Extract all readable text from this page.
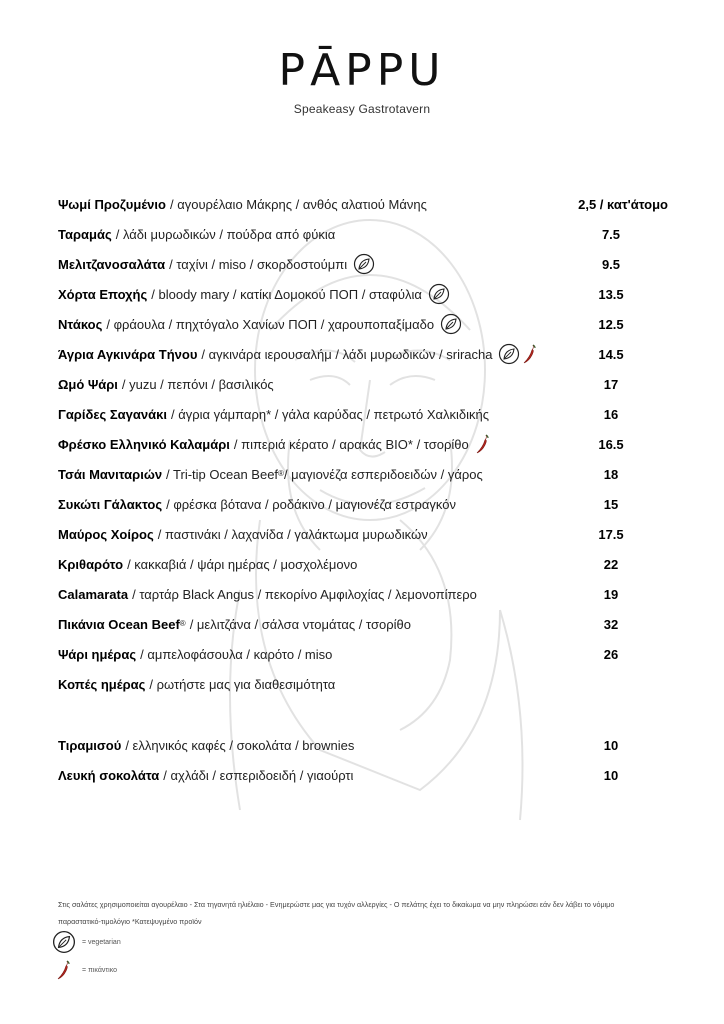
PĀPPU
Speakeasy Gastrotavern
Ψωμί Προζυμένιο / αγουρέλαιο Μάκρης / ανθός αλατιού Μάνης	2,5 / κατ'άτομο
Ταραμάς / λάδι μυρωδικών / πούδρα από φύκια	7.5
Μελιτζανοσαλάτα / ταχίνι / miso / σκορδοστούμπι	9.5
Χόρτα Εποχής / bloody mary / κατίκι Δομοκού ΠΟΠ / σταφύλια	13.5
Ντάκος / φράουλα / πηχτόγαλο Χανίων ΠΟΠ / χαρουποπαξίμαδο	12.5
Άγρια Αγκινάρα Τήνου / αγκινάρα ιερουσαλήμ / λάδι μυρωδικών / sriracha	14.5
Ωμό Ψάρι / yuzu / πεπόνι / βασιλικός	17
Γαρίδες Σαγανάκι / άγρια γάμπαρη* / γάλα καρύδας / πετρωτό Χαλκιδικής	16
Φρέσκο Ελληνικό Καλαμάρι / πιπεριά κέρατο / αρακάς BIO* / τσορίθο	16.5
Τσάι Μανιταριών / Tri-tip Ocean Beef ® / μαγιονέζα εσπεριδοειδών / γάρος	18
Συκώτι Γάλακτος / φρέσκα βότανα / ροδάκινο / μαγιονέζα εστραγκόν	15
Μαύρος Χοίρος / παστινάκι / λαχανίδα / γαλάκτωμα μυρωδικών	17.5
Κριθαρότο / κακκαβιά / ψάρι ημέρας / μοσχολέμονο	22
Calamarata / ταρτάρ Black Angus / πεκορίνο Αμφιλοχίας / λεμονοπίπερο	19
Πικάνια Ocean Beef ® / μελιτζάνα / σάλσα ντομάτας / τσορίθο	32
Ψάρι ημέρας / αμπελοφάσουλα / καρότο / miso	26
Κοπές ημέρας / ρωτήστε μας για διαθεσιμότητα
Τιραμισού / ελληνικός καφές / σοκολάτα / brownies	10
Λευκή σοκολάτα / αχλάδι / εσπεριδοειδή / γιαούρτι	10
Στις σαλάτες χρησιμοποιείται αγουρέλαιο - Στα τηγανητά ηλιέλαιο - Ενημερώστε μας για τυχόν αλλεργίες - Ο πελάτης έχει το δικαίωμα να μην πληρώσει εάν δεν λάβει το νόμιμο
παραστατικό-τιμολόγιο *Κατεψυγμένο προϊόν
= vegetarian
= πικάντικο
